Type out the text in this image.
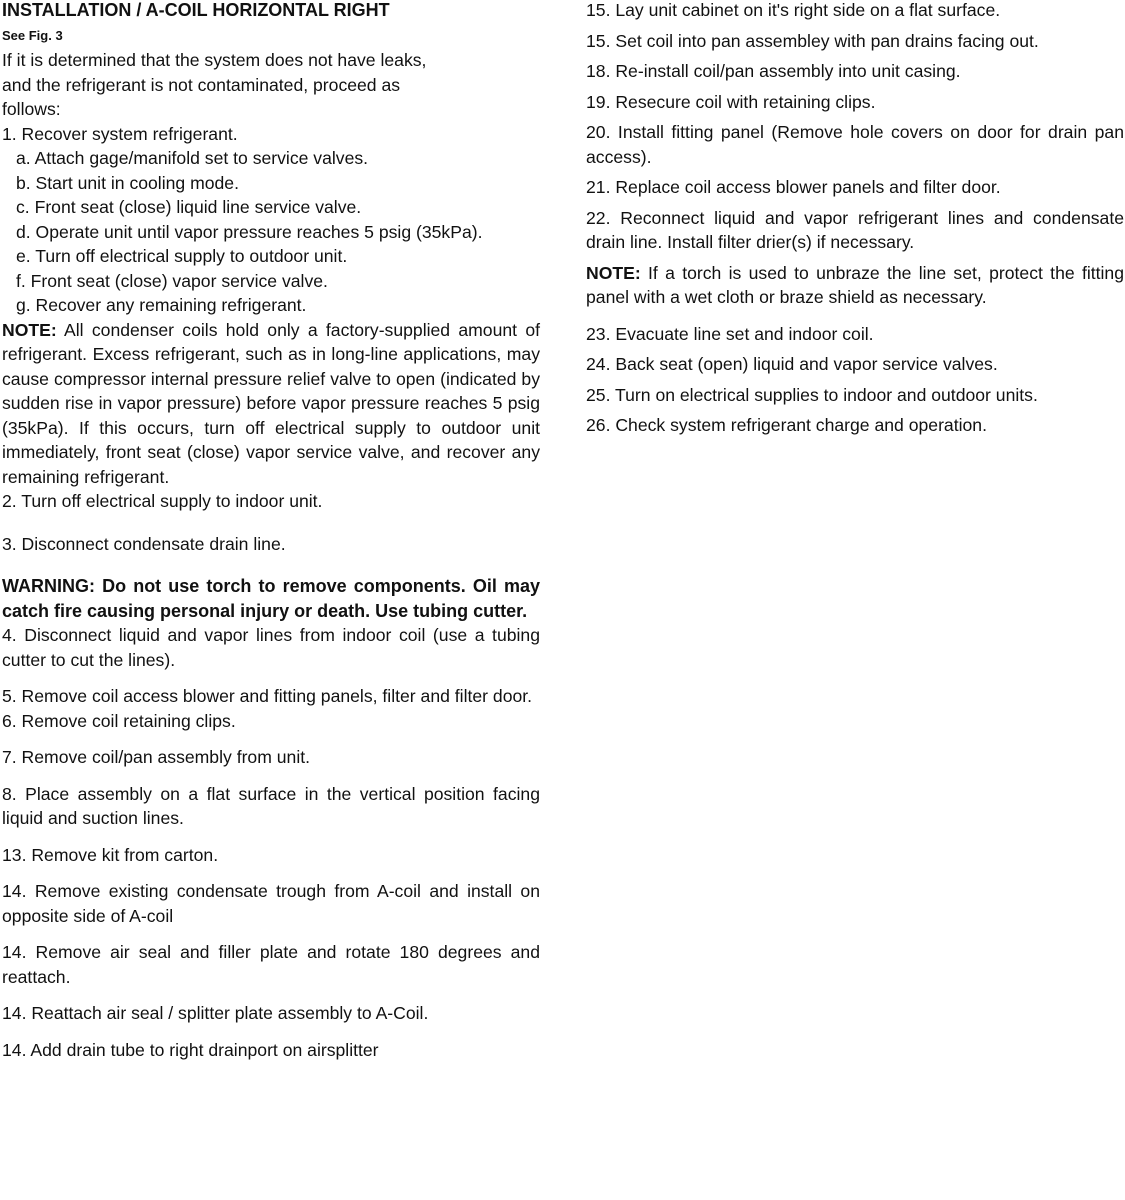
INSTALLATION / A-COIL HORIZONTAL RIGHT
See Fig. 3

If it is determined that the system does not have leaks, and the refrigerant is not contaminated, proceed as follows:

1. Recover system refrigerant.

a. Attach gage/manifold set to service valves.

b. Start unit in cooling mode.

c. Front seat (close) liquid line service valve.

d. Operate unit until vapor pressure reaches 5 psig (35kPa).

e. Turn off electrical supply to outdoor unit.

f. Front seat (close) vapor service valve.

g. Recover any remaining refrigerant.

NOTE: All condenser coils hold only a factory-supplied amount of refrigerant. Excess refrigerant, such as in long-line applications, may cause compressor internal pressure relief valve to open (indicated by sudden rise in vapor pressure) before vapor pressure reaches 5 psig (35kPa). If this occurs, turn off electrical supply to outdoor unit immediately, front seat (close) vapor service valve, and recover any remaining refrigerant.

2. Turn off electrical supply to indoor unit.

3. Disconnect condensate drain line.

WARNING: Do not use torch to remove components. Oil may catch fire causing personal injury or death. Use tubing cutter.

4. Disconnect liquid and vapor lines from indoor coil (use a tubing cutter to cut the lines).

5. Remove coil access blower and fitting panels, filter and filter door.

6. Remove coil retaining clips.

7. Remove coil/pan assembly from unit.

8. Place assembly on a flat surface in the vertical position facing liquid and suction lines.

13. Remove kit from carton.

14. Remove existing condensate trough from A-coil and install on opposite side of A-coil

14. Remove air seal and filler plate and rotate 180 degrees and reattach.

14. Reattach air seal / splitter plate assembly to A-Coil.

14. Add drain tube to right drainport on airsplitter

15. Lay unit cabinet on it's right side on a flat surface.

15. Set coil into pan assembley with pan drains facing out.

18. Re-install coil/pan assembly into unit casing.

19. Resecure coil with retaining clips.

20. Install fitting panel (Remove hole covers on door for drain pan access).

21. Replace coil access blower panels and filter door.

22. Reconnect liquid and vapor refrigerant lines and condensate drain line. Install filter drier(s) if necessary.

NOTE: If a torch is used to unbraze the line set, protect the fitting panel with a wet cloth or braze shield as necessary.

23. Evacuate line set and indoor coil.

24. Back seat (open) liquid and vapor service valves.

25. Turn on electrical supplies to indoor and outdoor units.

26. Check system refrigerant charge and operation.
